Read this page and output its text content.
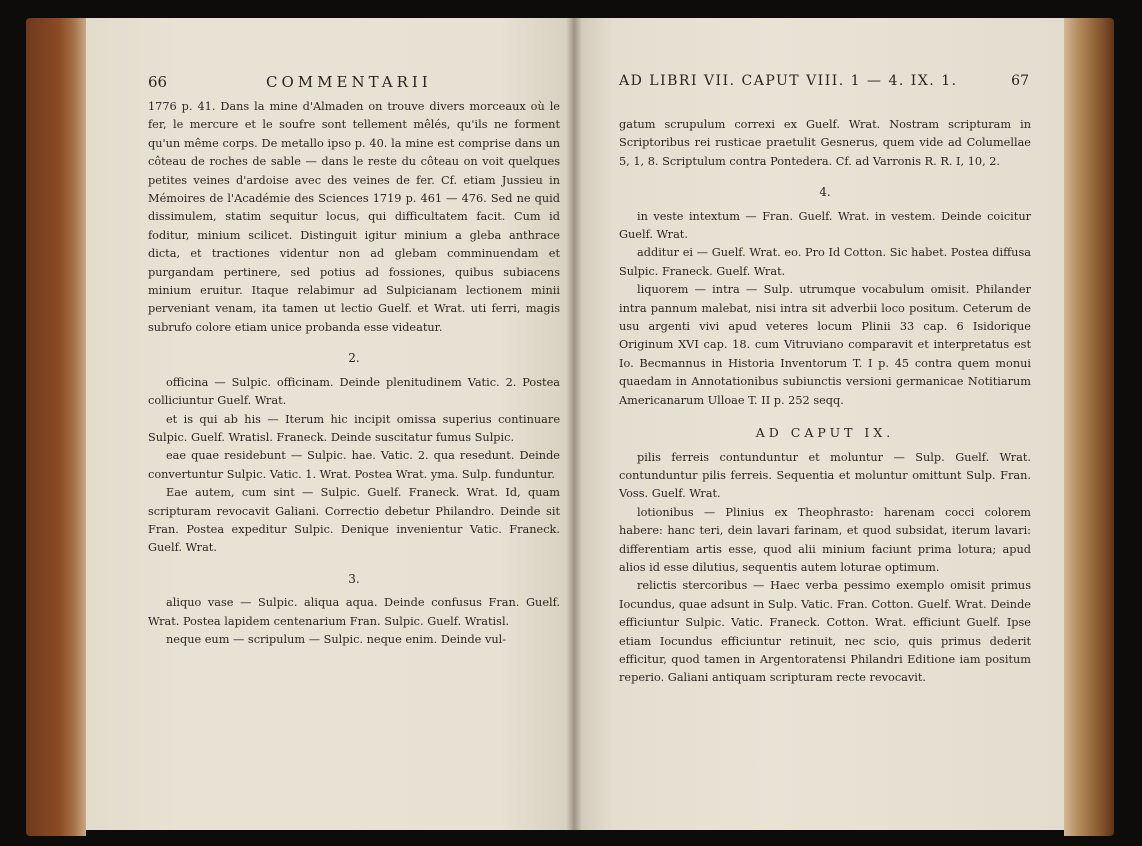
66	COMMENTARII

1776 p. 41. Dans la mine d'Almaden on trouve divers morceaux où le fer, le mercure et le soufre sont tellement mêlés, qu'ils ne forment qu'un même corps. De metallo ipso p. 40. la mine est comprise dans un côteau de roches de sable — dans le reste du côteau on voit quelques petites veines d'ardoise avec des veines de fer. Cf. etiam Jussieu in Mémoires de l'Académie des Sciences 1719 p. 461 — 476. Sed ne quid dissimulem, statim sequitur locus, qui difficultatem facit. Cum id foditur, minium scilicet. Distinguit igitur minium a gleba anthrace dicta, et tractiones videntur non ad glebam comminuendam et purgandam pertinere, sed potius ad fossiones, quibus subiacens minium eruitur. Itaque relabimur ad Sulpicianam lectionem minii perveniant venam, ita tamen ut lectio Guelf. et Wrat. uti ferri, magis subrufo colore etiam unice probanda esse videatur.

2.

officina — Sulpic. officinam. Deinde plenitudinem Vatic. 2. Postea colliciuntur Guelf. Wrat.

et is qui ab his — Iterum hic incipit omissa superius continuare Sulpic. Guelf. Wratisl. Franeck. Deinde suscitatur fumus Sulpic.

eae quae residebunt — Sulpic. hae. Vatic. 2. qua resedunt. Deinde convertuntur Sulpic. Vatic. 1. Wrat. Postea Wrat. yma. Sulp. funduntur.

Eae autem, cum sint — Sulpic. Guelf. Franeck. Wrat. Id, quam scripturam revocavit Galiani. Correctio debetur Philandro. Deinde sit Fran. Postea expeditur Sulpic. Denique invenientur Vatic. Franeck. Guelf. Wrat.

3.

aliquo vase — Sulpic. aliqua aqua. Deinde confusus Fran. Guelf. Wrat. Postea lapidem centenarium Fran. Sulpic. Guelf. Wratisl.

neque eum — scripulum — Sulpic. neque enim. Deinde vul-

AD LIBRI VII. CAPUT VIII. 1 — 4. IX. 1.	67

gatum scrupulum correxi ex Guelf. Wrat. Nostram scripturam in Scriptoribus rei rusticae praetulit Gesnerus, quem vide ad Columellae 5, 1, 8. Scriptulum contra Pontedera. Cf. ad Varronis R. R. I, 10, 2.

4.

in veste intextum — Fran. Guelf. Wrat. in vestem. Deinde coicitur Guelf. Wrat.

additur ei — Guelf. Wrat. eo. Pro Id Cotton. Sic habet. Postea diffusa Sulpic. Franeck. Guelf. Wrat.

liquorem — intra — Sulp. utrumque vocabulum omisit. Philander intra pannum malebat, nisi intra sit adverbii loco positum. Ceterum de usu argenti vivi apud veteres locum Plinii 33 cap. 6 Isidorique Originum XVI cap. 18. cum Vitruviano comparavit et interpretatus est Io. Becmannus in Historia Inventorum T. I p. 45 contra quem monui quaedam in Annotationibus subiunctis versioni germanicae Notitiarum Americanarum Ulloae T. II p. 252 seqq.

AD CAPUT IX.

pilis ferreis contunduntur et moluntur — Sulp. Guelf. Wrat. contunduntur pilis ferreis. Sequentia et moluntur omittunt Sulp. Fran. Voss. Guelf. Wrat.

lotionibus — Plinius ex Theophrasto: harenam cocci colorem habere: hanc teri, dein lavari farinam, et quod subsidat, iterum lavari: differentiam artis esse, quod alii minium faciunt prima lotura; apud alios id esse dilutius, sequentis autem loturae optimum.

relictis stercoribus — Haec verba pessimo exemplo omisit primus Iocundus, quae adsunt in Sulp. Vatic. Fran. Cotton. Guelf. Wrat. Deinde efficiuntur Sulpic. Vatic. Franeck. Cotton. Wrat. efficiunt Guelf. Ipse etiam Iocundus efficiuntur retinuit, nec scio, quis primus dederit efficitur, quod tamen in Argentoratensi Philandri Editione iam positum reperio. Galiani antiquam scripturam recte revocavit.
